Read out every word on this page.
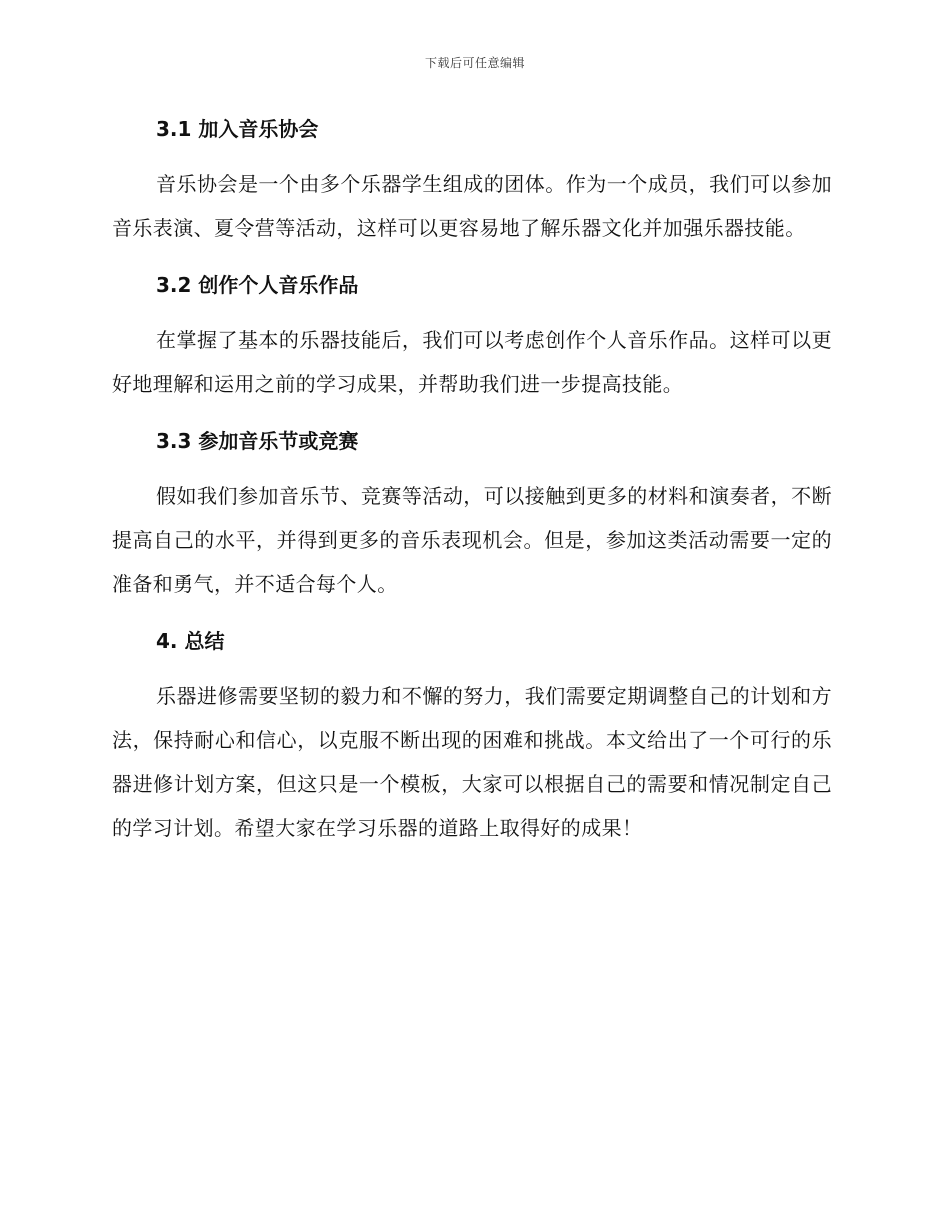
下载后可任意编辑
3.1 加入音乐协会

音乐协会是一个由多个乐器学生组成的团体。作为一个成员，我们可以参加音乐表演、夏令营等活动，这样可以更容易地了解乐器文化并加强乐器技能。

3.2 创作个人音乐作品

在掌握了基本的乐器技能后，我们可以考虑创作个人音乐作品。这样可以更好地理解和运用之前的学习成果，并帮助我们进一步提高技能。

3.3 参加音乐节或竞赛

假如我们参加音乐节、竞赛等活动，可以接触到更多的材料和演奏者，不断提高自己的水平，并得到更多的音乐表现机会。但是，参加这类活动需要一定的准备和勇气，并不适合每个人。

4. 总结

乐器进修需要坚韧的毅力和不懈的努力，我们需要定期调整自己的计划和方法，保持耐心和信心，以克服不断出现的困难和挑战。本文给出了一个可行的乐器进修计划方案，但这只是一个模板，大家可以根据自己的需要和情况制定自己的学习计划。希望大家在学习乐器的道路上取得好的成果！
